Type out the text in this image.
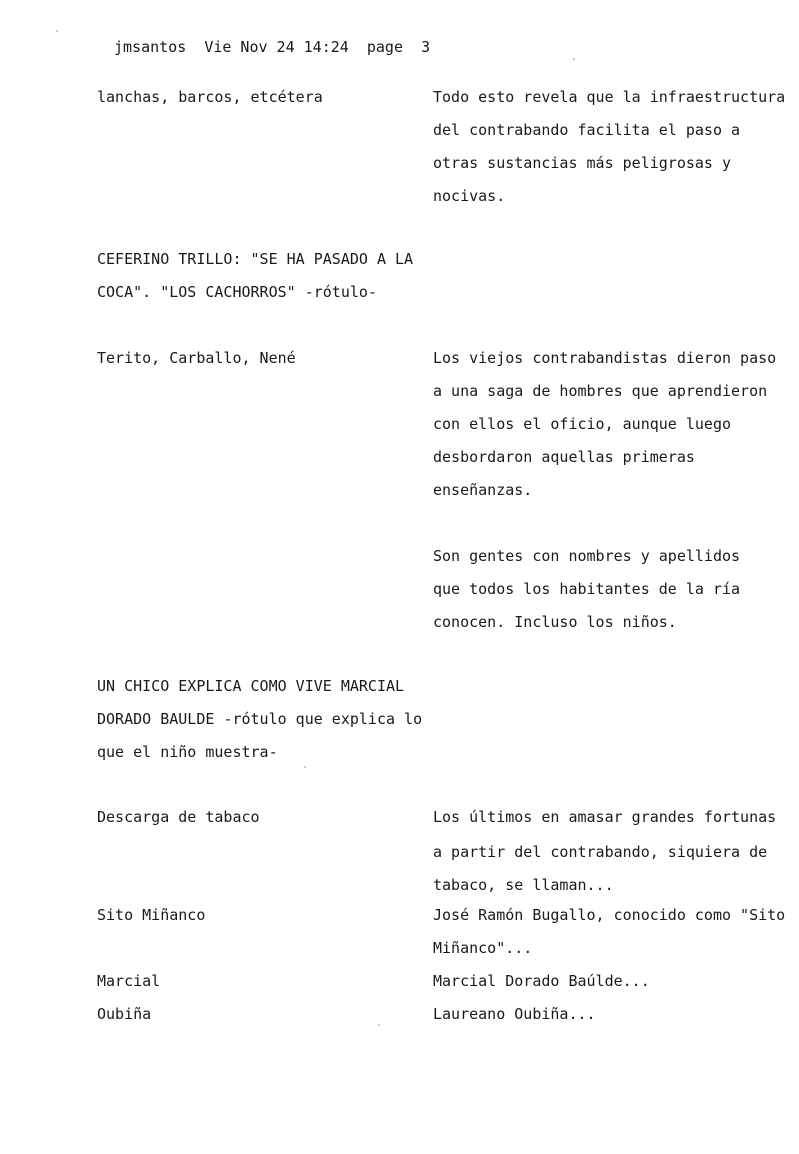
jmsantos Vie Nov 24 14:24 page 3
lanchas, barcos, etcétera	Todo esto revela que la infraestructura
del contrabando facilita el paso a
otras sustancias más peligrosas y
nocivas.
CEFERINO TRILLO: "SE HA PASADO A LA
COCA". "LOS CACHORROS" -rótulo-
Terito, Carballo, Nené	Los viejos contrabandistas dieron paso
a una saga de hombres que aprendieron
con ellos el oficio, aunque luego
desbordaron aquellas primeras
enseñanzas.
Son gentes con nombres y apellidos
que todos los habitantes de la ría
conocen. Incluso los niños.
UN CHICO EXPLICA COMO VIVE MARCIAL
DORADO BAULDE -rótulo que explica lo
que el niño muestra-
Descarga de tabaco	Los últimos en amasar grandes fortunas
a partir del contrabando, siquiera de
tabaco, se llaman...
Sito Miñanco	José Ramón Bugallo, conocido como "Sito
Miñanco"...
Marcial	Marcial Dorado Baúlde...
Oubiña	Laureano Oubiña...
